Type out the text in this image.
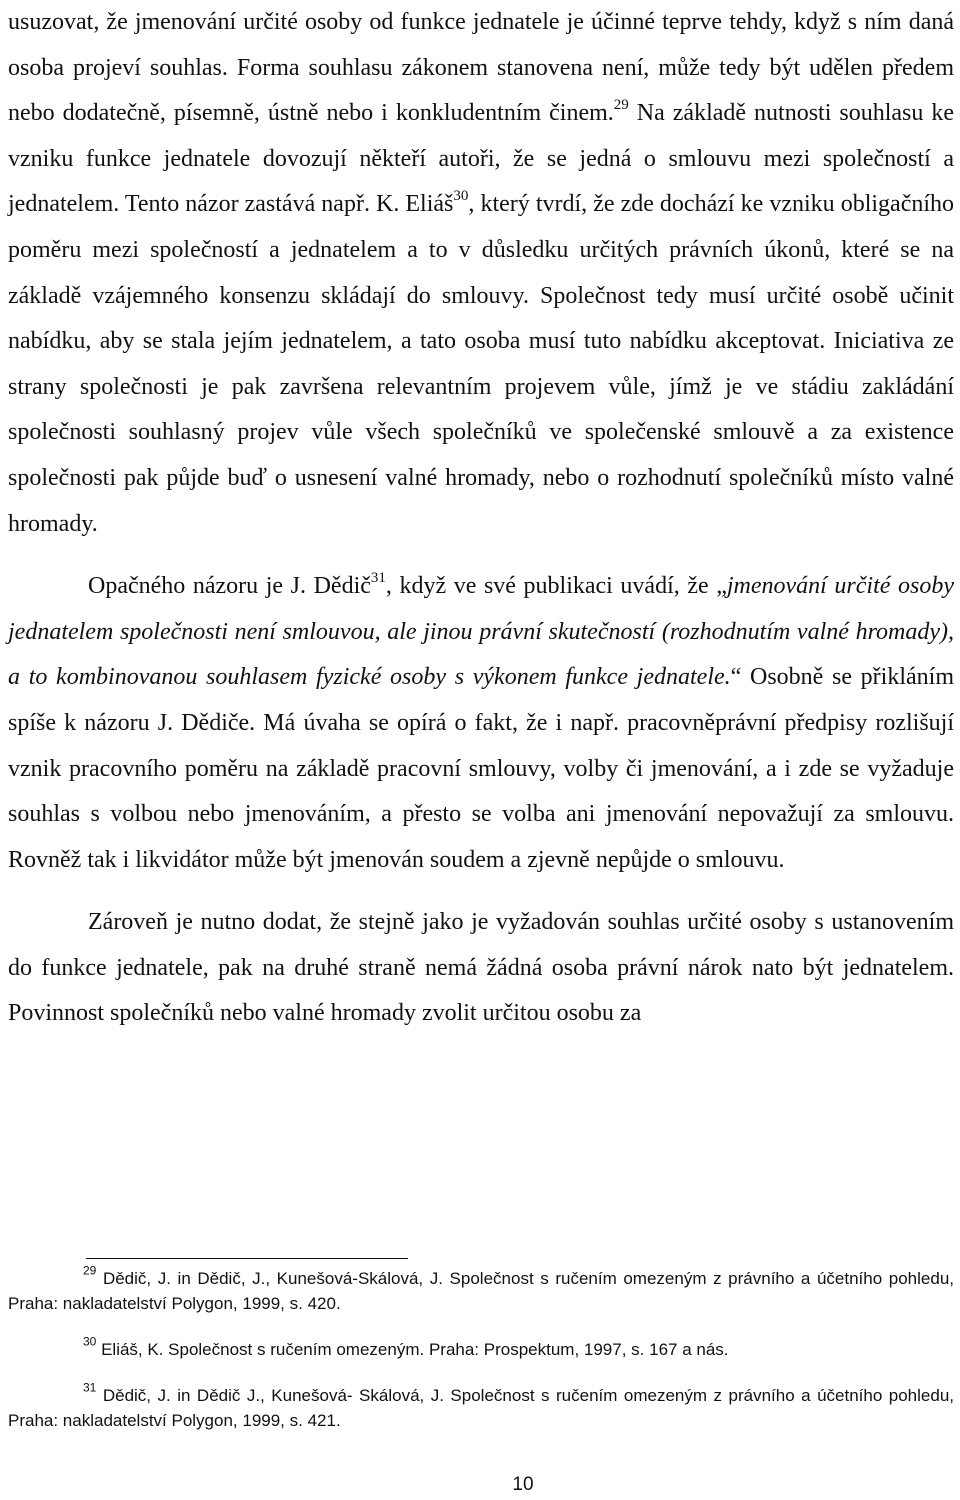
usuzovat, že jmenování určité osoby od funkce jednatele je účinné teprve tehdy, když s ním daná osoba projeví souhlas. Forma souhlasu zákonem stanovena není, může tedy být udělen předem nebo dodatečně, písemně, ústně nebo i konkludentním činem.$^{29}$ Na základě nutnosti souhlasu ke vzniku funkce jednatele dovozují někteří autoři, že se jedná o smlouvu mezi společností a jednatelem. Tento názor zastává např. K. Eliáš$^{30}$, který tvrdí, že zde dochází ke vzniku obligačního poměru mezi společností a jednatelem a to v důsledku určitých právních úkonů, které se na základě vzájemného konsenzu skládají do smlouvy. Společnost tedy musí určité osobě učinit nabídku, aby se stala jejím jednatelem, a tato osoba musí tuto nabídku akceptovat. Iniciativa ze strany společnosti je pak završena relevantním projevem vůle, jímž je ve stádiu zakládání společnosti souhlasný projev vůle všech společníků ve společenské smlouvě a za existence společnosti pak půjde buď o usnesení valné hromady, nebo o rozhodnutí společníků místo valné hromady.

Opačného názoru je J. Dědič$^{31}$, když ve své publikaci uvádí, že „jmenování určité osoby jednatelem společnosti není smlouvou, ale jinou právní skutečností (rozhodnutím valné hromady), a to kombinovanou souhlasem fyzické osoby s výkonem funkce jednatele.“ Osobně se přikláním spíše k názoru J. Dědiče. Má úvaha se opírá o fakt, že i např. pracovněprávní předpisy rozlišují vznik pracovního poměru na základě pracovní smlouvy, volby či jmenování, a i zde se vyžaduje souhlas s volbou nebo jmenováním, a přesto se volba ani jmenování nepovažují za smlouvu. Rovněž tak i likvidátor může být jmenován soudem a zjevně nepůjde o smlouvu.

Zároveň je nutno dodat, že stejně jako je vyžadován souhlas určité osoby s ustanovením do funkce jednatele, pak na druhé straně nemá žádná osoba právní nárok nato být jednatelem. Povinnost společníků nebo valné hromady zvolit určitou osobu za

$^{29}$ Dědič, J. in Dědič, J., Kunešová-Skálová, J. Společnost s ručením omezeným z právního a účetního pohledu, Praha: nakladatelství Polygon, 1999, s. 420.

$^{30}$ Eliáš, K. Společnost s ručením omezeným. Praha: Prospektum, 1997, s. 167 a nás.

$^{31}$ Dědič, J. in Dědič J., Kunešová- Skálová, J. Společnost s ručením omezeným z právního a účetního pohledu, Praha: nakladatelství Polygon, 1999, s. 421.

10
